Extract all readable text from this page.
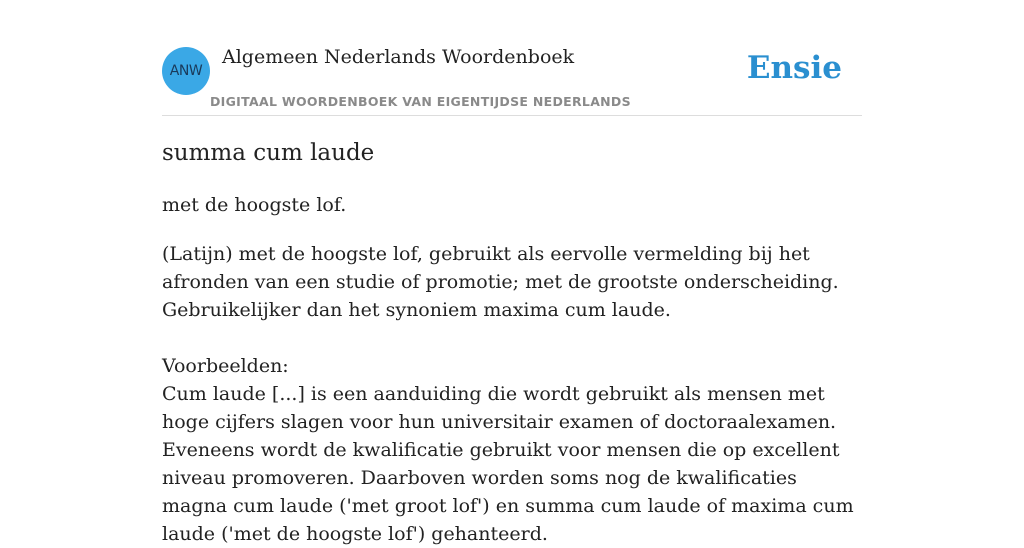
ANW
Algemeen Nederlands Woordenboek
DIGITAAL WOORDENBOEK VAN EIGENTIJDSE NEDERLANDS
Ensie
summa cum laude
met de hoogste lof.

(Latijn) met de hoogste lof, gebruikt als eervolle vermelding bij het afronden van een studie of promotie; met de grootste onderscheiding.

Gebruikelijker dan het synoniem maxima cum laude.

Voorbeelden:

Cum laude [...] is een aanduiding die wordt gebruikt als mensen met hoge cijfers slagen voor hun universitair examen of doctoraalexamen. Eveneens wordt de kwalificatie gebruikt voor mensen die op excellent niveau promoveren. Daarboven worden soms nog de kwalificaties magna cum laude ('met groot lof') en summa cum laude of maxima cum laude ('met de hoogste lof') gehanteerd.
